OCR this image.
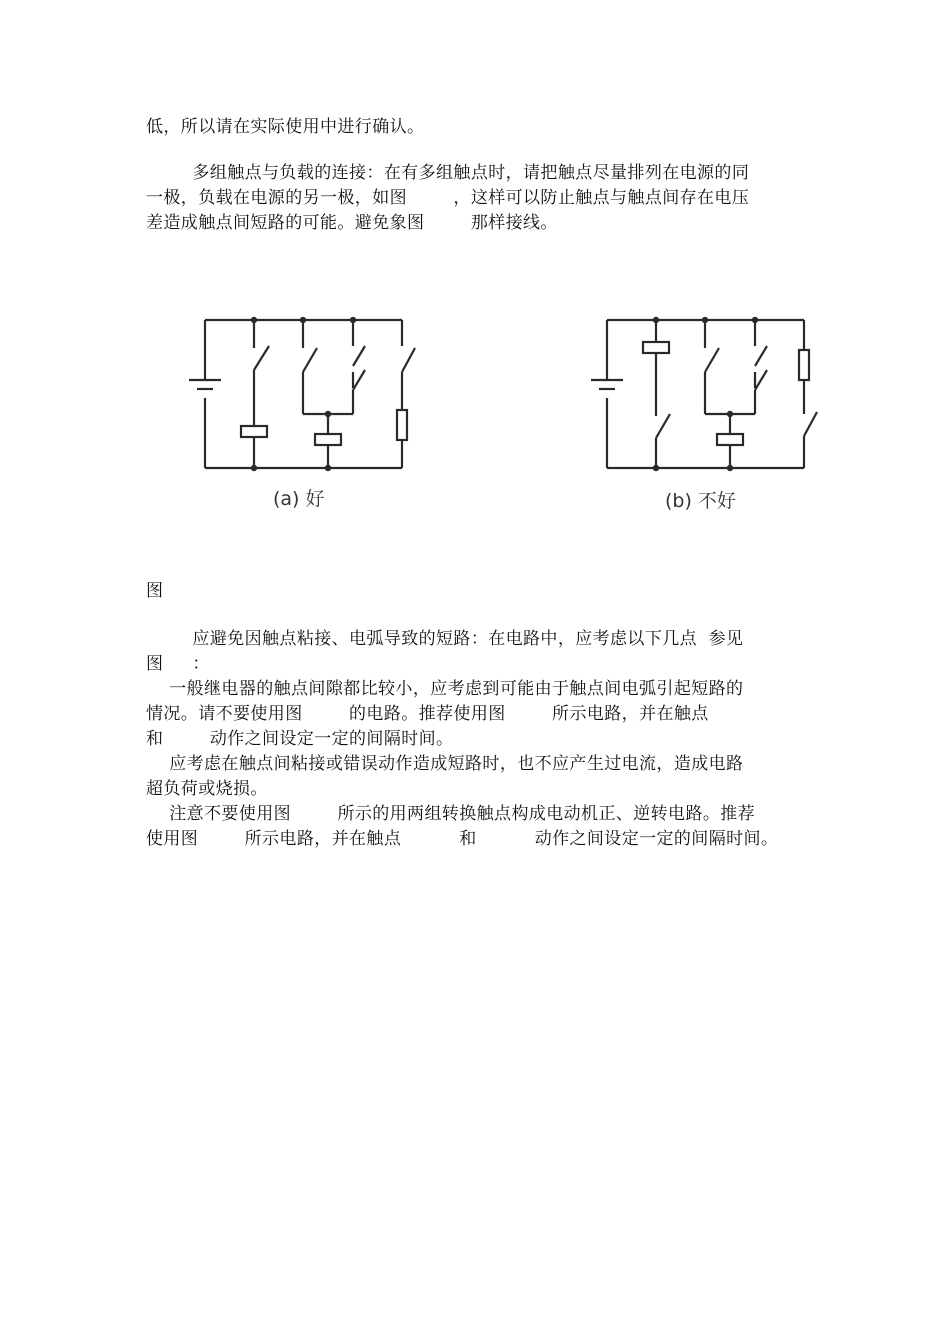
低，所以请在实际使用中进行确认。
多组触点与负载的连接：在有多组触点时，请把触点尽量排列在电源的同
一极，负载在电源的另一极，如图        ，这样可以防止触点与触点间存在电压
差造成触点间短路的可能。避免象图        那样接线。
(a) 好	(b) 不好
图
应避免因触点粘接、电弧导致的短路：在电路中，应考虑以下几点  参见
图     ：
一般继电器的触点间隙都比较小，应考虑到可能由于触点间电弧引起短路的
情况。请不要使用图        的电路。推荐使用图        所示电路，并在触点
和        动作之间设定一定的间隔时间。
应考虑在触点间粘接或错误动作造成短路时，也不应产生过电流，造成电路
超负荷或烧损。
注意不要使用图        所示的用两组转换触点构成电动机正、逆转电路。推荐
使用图        所示电路，并在触点          和          动作之间设定一定的间隔时间。
